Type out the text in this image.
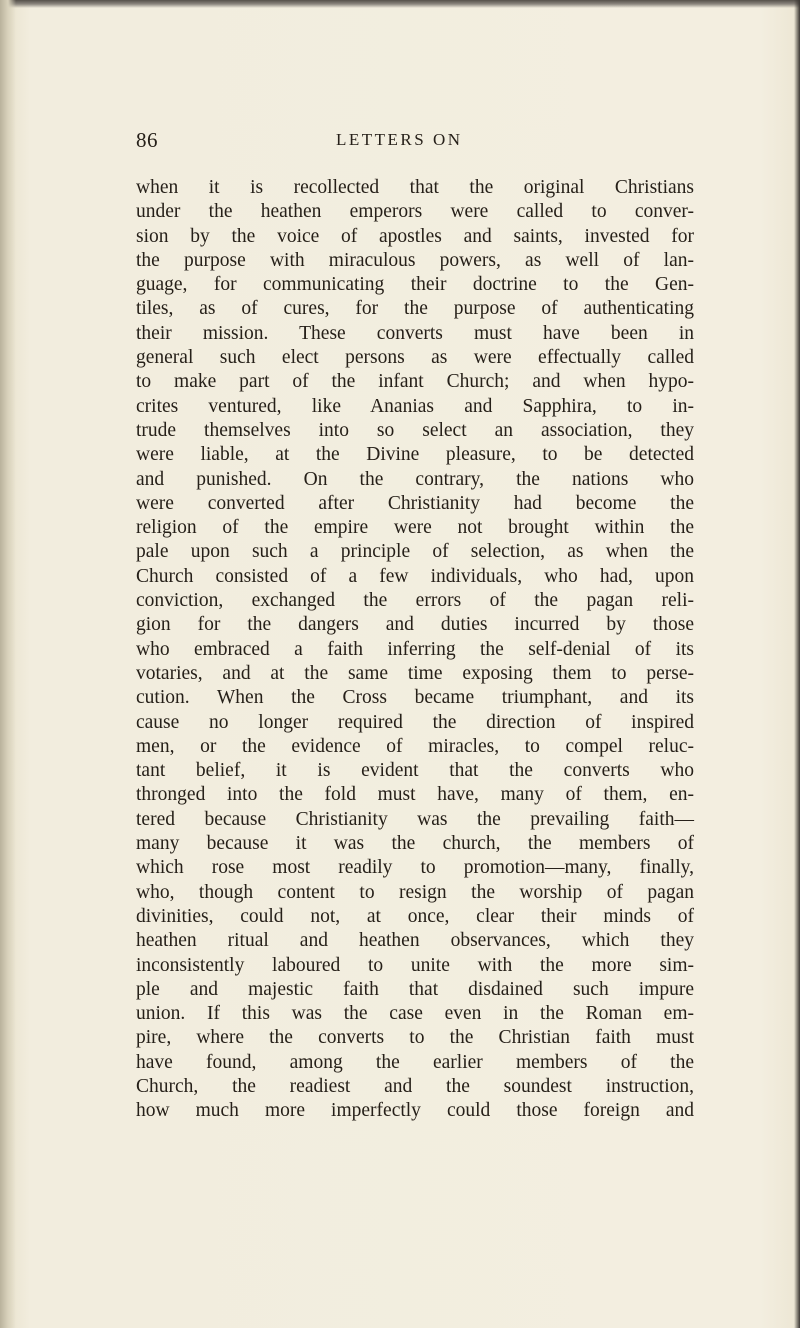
86	LETTERS ON
when it is recollected that the original Christians
under the heathen emperors were called to conver-
sion by the voice of apostles and saints, invested for
the purpose with miraculous powers, as well of lan-
guage, for communicating their doctrine to the Gen-
tiles, as of cures, for the purpose of authenticating
their mission. These converts must have been in
general such elect persons as were effectually called
to make part of the infant Church; and when hypo-
crites ventured, like Ananias and Sapphira, to in-
trude themselves into so select an association, they
were liable, at the Divine pleasure, to be detected
and punished. On the contrary, the nations who
were converted after Christianity had become the
religion of the empire were not brought within the
pale upon such a principle of selection, as when the
Church consisted of a few individuals, who had, upon
conviction, exchanged the errors of the pagan reli-
gion for the dangers and duties incurred by those
who embraced a faith inferring the self-denial of its
votaries, and at the same time exposing them to perse-
cution. When the Cross became triumphant, and its
cause no longer required the direction of inspired
men, or the evidence of miracles, to compel reluc-
tant belief, it is evident that the converts who
thronged into the fold must have, many of them, en-
tered because Christianity was the prevailing faith—
many because it was the church, the members of
which rose most readily to promotion—many, finally,
who, though content to resign the worship of pagan
divinities, could not, at once, clear their minds of
heathen ritual and heathen observances, which they
inconsistently laboured to unite with the more sim-
ple and majestic faith that disdained such impure
union. If this was the case even in the Roman em-
pire, where the converts to the Christian faith must
have found, among the earlier members of the
Church, the readiest and the soundest instruction,
how much more imperfectly could those foreign and
